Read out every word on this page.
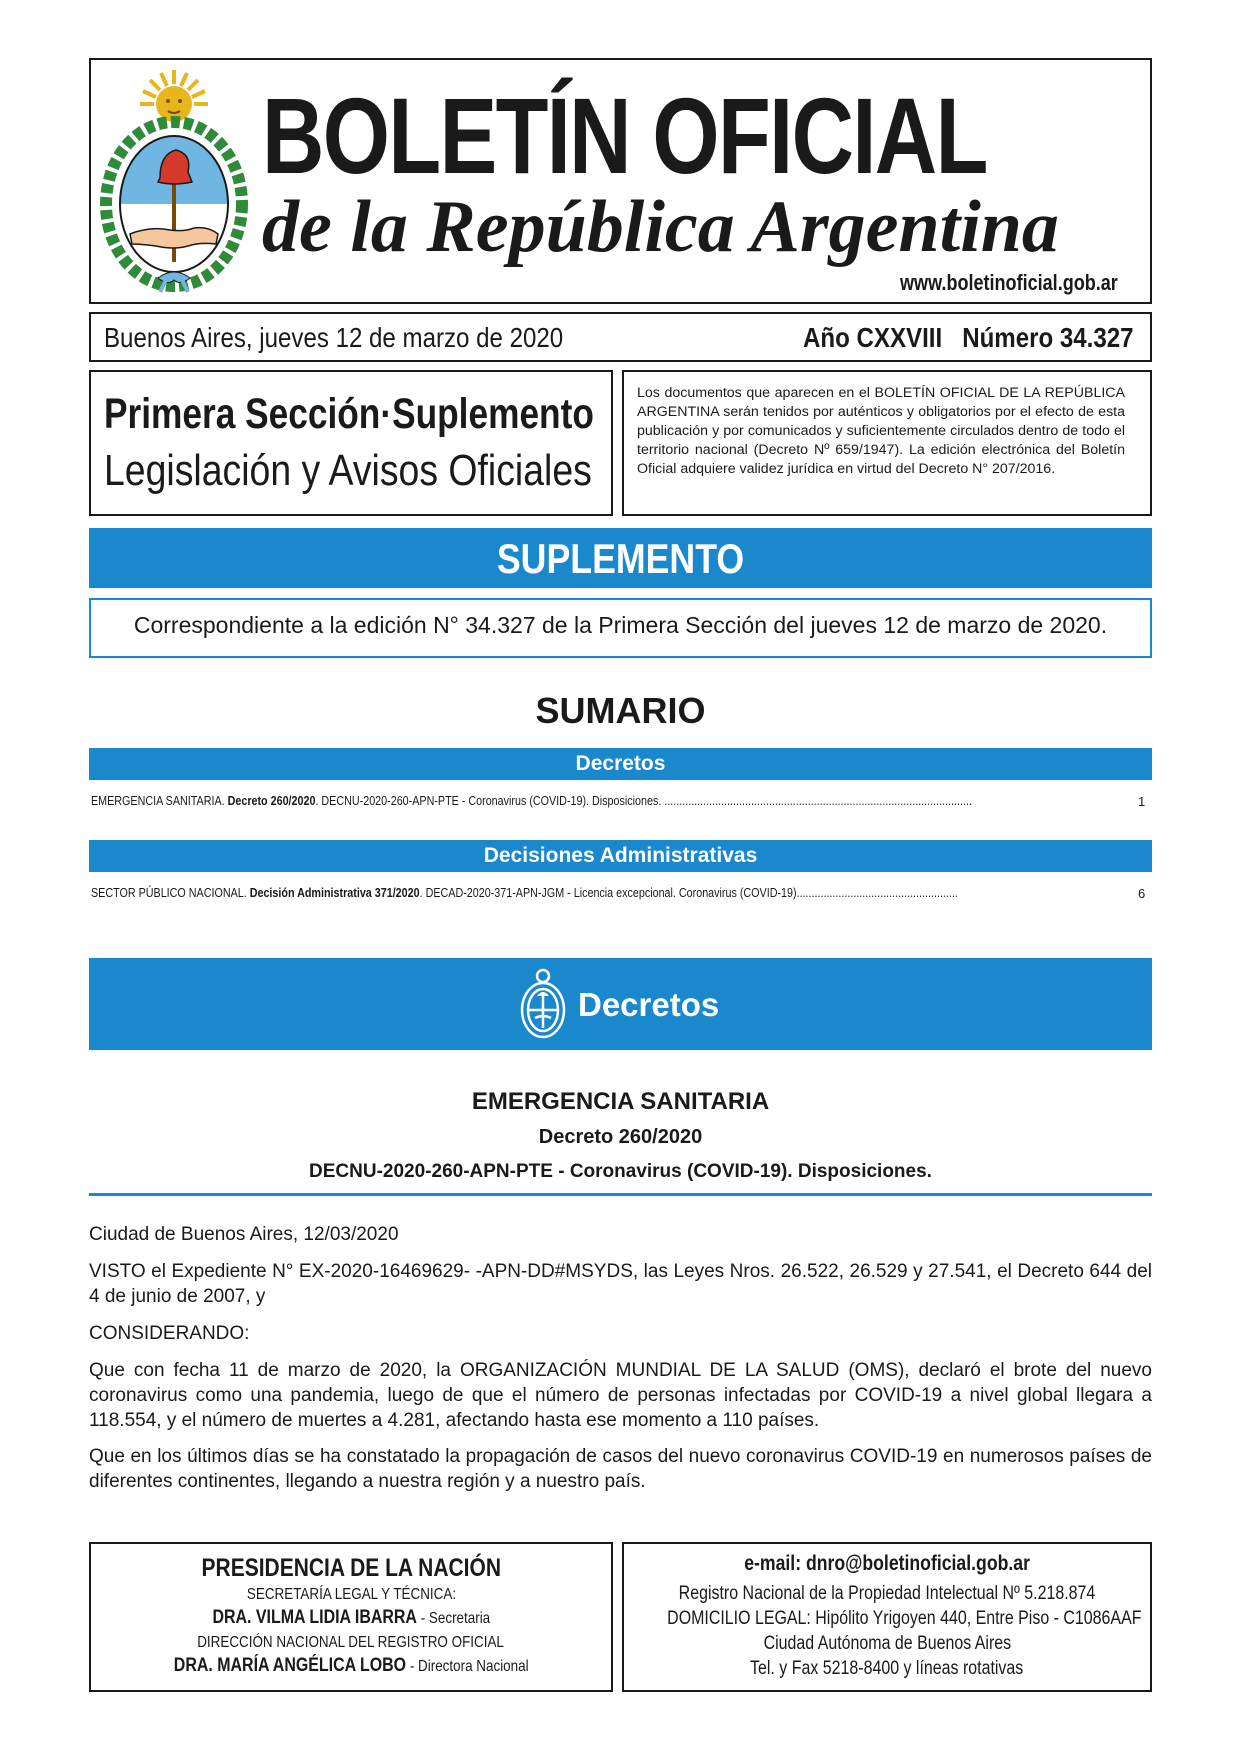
BOLETÍN OFICIAL
de la República Argentina
www.boletinoficial.gob.ar
Buenos Aires, jueves 12 de marzo de 2020	Año CXXVIII   Número 34.327
Primera Sección·Suplemento
Legislación y Avisos Oficiales
Los documentos que aparecen en el BOLETÍN OFICIAL DE LA REPÚBLICA ARGENTINA serán tenidos por auténticos y obligatorios por el efecto de esta publicación y por comunicados y suficientemente circulados dentro de todo el territorio nacional (Decreto Nº 659/1947). La edición electrónica del Boletín Oficial adquiere validez jurídica en virtud del Decreto N° 207/2016.
SUPLEMENTO
Correspondiente a la edición N° 34.327 de la Primera Sección del jueves 12 de marzo de 2020.
SUMARIO
Decretos
EMERGENCIA SANITARIA. Decreto 260/2020. DECNU-2020-260-APN-PTE - Coronavirus (COVID-19). Disposiciones. .......................................................................................................	1
Decisiones Administrativas
SECTOR PÚBLICO NACIONAL. Decisión Administrativa 371/2020. DECAD-2020-371-APN-JGM - Licencia excepcional. Coronavirus (COVID-19)......................................................	6
Decretos
EMERGENCIA SANITARIA
Decreto 260/2020
DECNU-2020-260-APN-PTE - Coronavirus (COVID-19). Disposiciones.
Ciudad de Buenos Aires, 12/03/2020
VISTO el Expediente N° EX-2020-16469629- -APN-DD#MSYDS, las Leyes Nros. 26.522, 26.529 y 27.541, el Decreto 644 del 4 de junio de 2007, y
CONSIDERANDO:
Que con fecha 11 de marzo de 2020, la ORGANIZACIÓN MUNDIAL DE LA SALUD (OMS), declaró el brote del nuevo coronavirus como una pandemia, luego de que el número de personas infectadas por COVID-19 a nivel global llegara a 118.554, y el número de muertes a 4.281, afectando hasta ese momento a 110 países.
Que en los últimos días se ha constatado la propagación de casos del nuevo coronavirus COVID-19 en numerosos países de diferentes continentes, llegando a nuestra región y a nuestro país.
PRESIDENCIA DE LA NACIÓN
SECRETARÍA LEGAL Y TÉCNICA:
DRA. VILMA LIDIA IBARRA - Secretaria
DIRECCIÓN NACIONAL DEL REGISTRO OFICIAL
DRA. MARÍA ANGÉLICA LOBO - Directora Nacional
e-mail: dnro@boletinoficial.gob.ar
Registro Nacional de la Propiedad Intelectual Nº 5.218.874
DOMICILIO LEGAL: Hipólito Yrigoyen 440, Entre Piso - C1086AAF
Ciudad Autónoma de Buenos Aires
Tel. y Fax 5218-8400 y líneas rotativas
